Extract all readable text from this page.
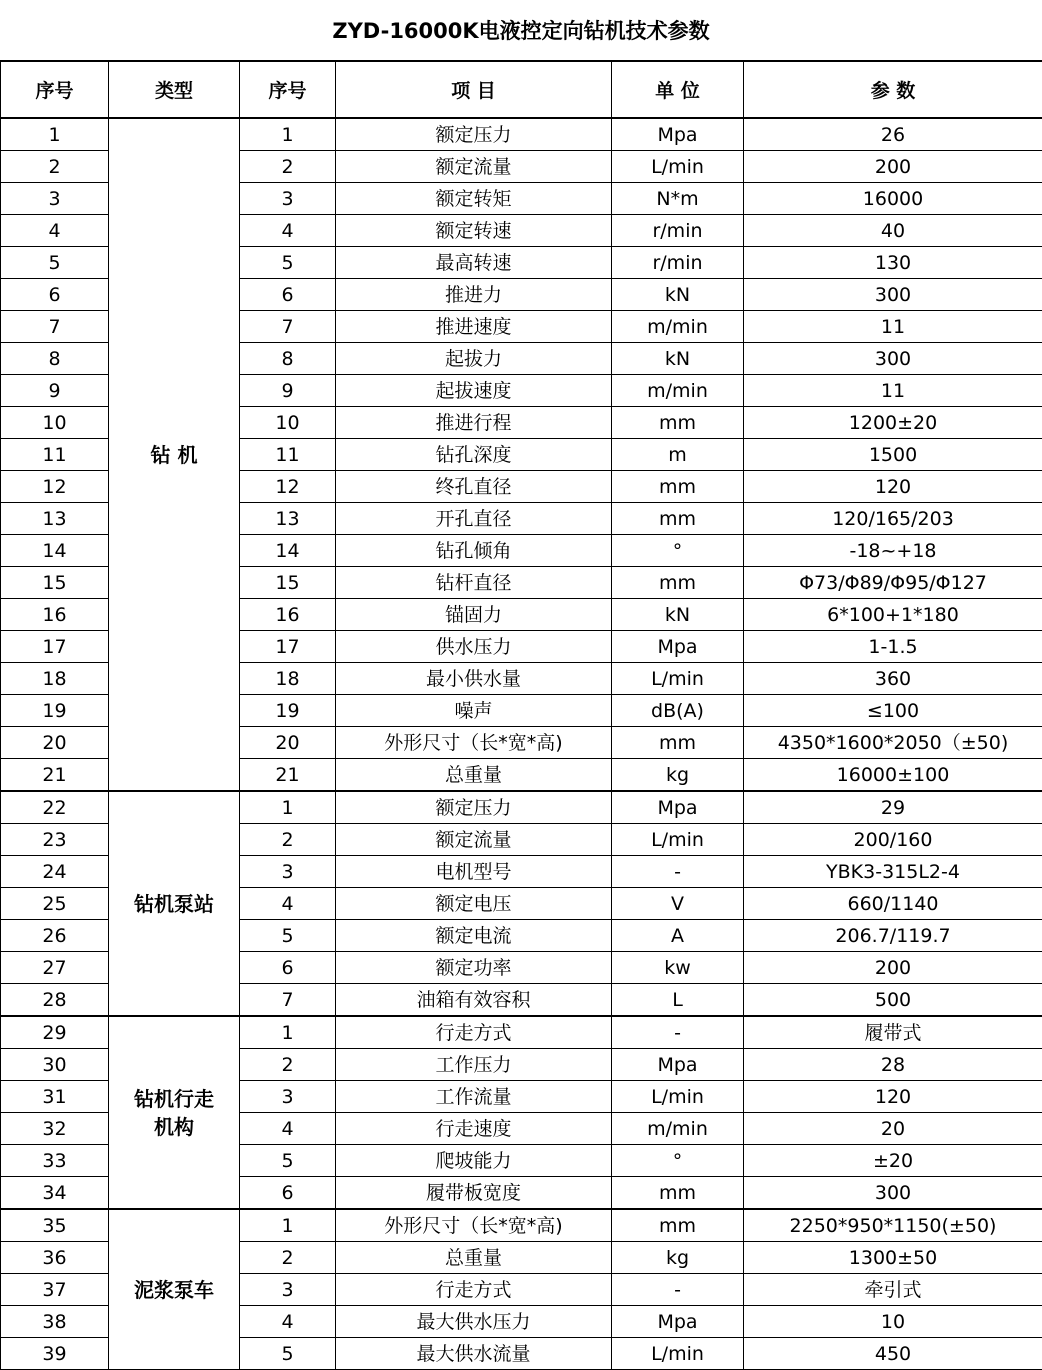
ZYD-16000K电液控定向钻机技术参数
序号	类型	序号	项 目	单 位	参 数
1	钻 机	1	额定压力	Mpa	26
2		2	额定流量	L/min	200
3		3	额定转矩	N*m	16000
4		4	额定转速	r/min	40
5		5	最高转速	r/min	130
6		6	推进力	kN	300
7		7	推进速度	m/min	11
8		8	起拔力	kN	300
9		9	起拔速度	m/min	11
10		10	推进行程	mm	1200±20
11		11	钻孔深度	m	1500
12		12	终孔直径	mm	120
13		13	开孔直径	mm	120/165/203
14		14	钻孔倾角	°	-18~+18
15		15	钻杆直径	mm	Φ73/Φ89/Φ95/Φ127
16		16	锚固力	kN	6*100+1*180
17		17	供水压力	Mpa	1-1.5
18		18	最小供水量	L/min	360
19		19	噪声	dB(A)	≤100
20		20	外形尺寸（长*宽*高)	mm	4350*1600*2050（±50)
21		21	总重量	kg	16000±100
22	钻机泵站	1	额定压力	Mpa	29
23		2	额定流量	L/min	200/160
24		3	电机型号	-	YBK3-315L2-4
25		4	额定电压	V	660/1140
26		5	额定电流	A	206.7/119.7
27		6	额定功率	kw	200
28		7	油箱有效容积	L	500
29	钻机行走机构	1	行走方式	-	履带式
30		2	工作压力	Mpa	28
31		3	工作流量	L/min	120
32		4	行走速度	m/min	20
33		5	爬坡能力	°	±20
34		6	履带板宽度	mm	300
35	泥浆泵车	1	外形尺寸（长*宽*高)	mm	2250*950*1150(±50)
36		2	总重量	kg	1300±50
37		3	行走方式	-	牵引式
38		4	最大供水压力	Mpa	10
39		5	最大供水流量	L/min	450
